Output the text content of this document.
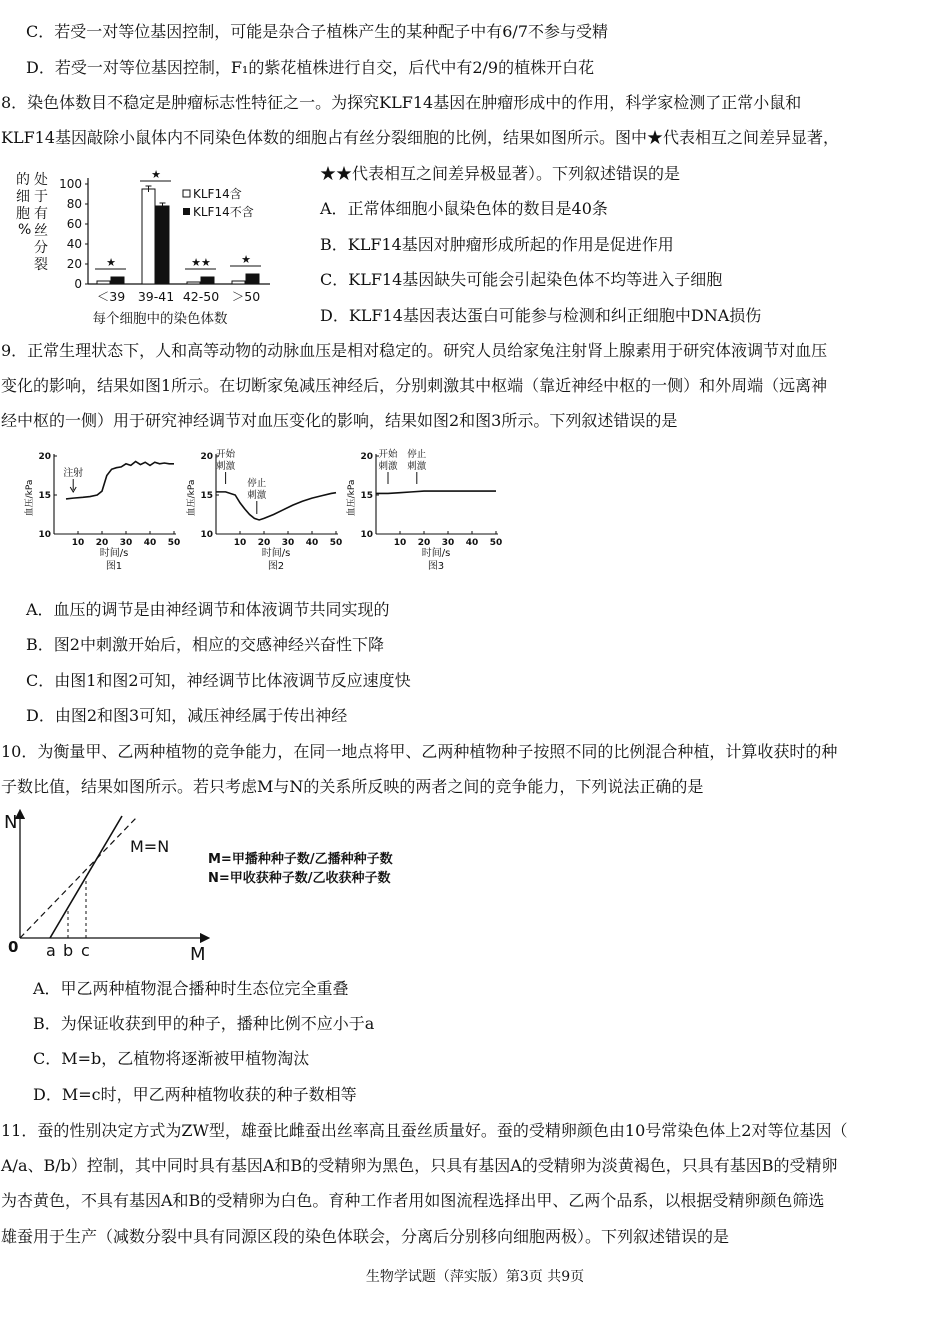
C．若受一对等位基因控制，可能是杂合子植株产生的某种配子中有6/7不参与受精
D．若受一对等位基因控制，F₁的紫花植株进行自交，后代中有2/9的植株开白花
8．染色体数目不稳定是肿瘤标志性特征之一。为探究KLF14基因在肿瘤形成中的作用，科学家检测了正常小鼠和
KLF14基因敲除小鼠体内不同染色体数的细胞占有丝分裂细胞的比例，结果如图所示。图中★代表相互之间差异显著，
★★代表相互之间差异极显著）。下列叙述错误的是
A．正常体细胞小鼠染色体的数目是40条
B．KLF14基因对肿瘤形成所起的作用是促进作用
C．KLF14基因缺失可能会引起染色体不均等进入子细胞
D．KLF14基因表达蛋白可能参与检测和纠正细胞中DNA损伤
的
细
胞
%
处
于
有
丝
分
裂
0
20
40
60
80
100
★
★
★★	★
＜39 39-41 42-50 ＞50
KLF14含
KLF14不含
每个细胞中的染色体数
9．正常生理状态下，人和高等动物的动脉血压是相对稳定的。研究人员给家兔注射肾上腺素用于研究体液调节对血压
变化的影响，结果如图1所示。在切断家兔减压神经后，分别刺激其中枢端（靠近神经中枢的一侧）和外周端（远离神
经中枢的一侧）用于研究神经调节对血压变化的影响，结果如图2和图3所示。下列叙述错误的是
10
15
20
10 20 30 40 50
血压/kPa
时间/s
图1
注射
10
15
20
10 20 30 40 50
血压/kPa
时间/s
图2
开始
刺激
停止
刺激
10
15
20
10 20 30 40 50
血压/kPa
时间/s
图3
开始
刺激
停止
刺激
A．血压的调节是由神经调节和体液调节共同实现的
B．图2中刺激开始后，相应的交感神经兴奋性下降
C．由图1和图2可知，神经调节比体液调节反应速度快
D．由图2和图3可知，减压神经属于传出神经
10．为衡量甲、乙两种植物的竞争能力，在同一地点将甲、乙两种植物种子按照不同的比例混合种植，计算收获时的种
子数比值，结果如图所示。若只考虑M与N的关系所反映的两者之间的竞争能力，下列说法正确的是
N
M
0 a b c
M=N
M=甲播种种子数/乙播种种子数
N=甲收获种子数/乙收获种子数
A．甲乙两种植物混合播种时生态位完全重叠
B．为保证收获到甲的种子，播种比例不应小于a
C．M=b，乙植物将逐渐被甲植物淘汰
D．M=c时，甲乙两种植物收获的种子数相等
11．蚕的性别决定方式为ZW型，雄蚕比雌蚕出丝率高且蚕丝质量好。蚕的受精卵颜色由10号常染色体上2对等位基因（
A/a、B/b）控制，其中同时具有基因A和B的受精卵为黑色，只具有基因A的受精卵为淡黄褐色，只具有基因B的受精卵
为杏黄色，不具有基因A和B的受精卵为白色。育种工作者用如图流程选择出甲、乙两个品系，以根据受精卵颜色筛选
雄蚕用于生产（减数分裂中具有同源区段的染色体联会，分离后分别移向细胞两极）。下列叙述错误的是
生物学试题（萍实版）第3页 共9页
